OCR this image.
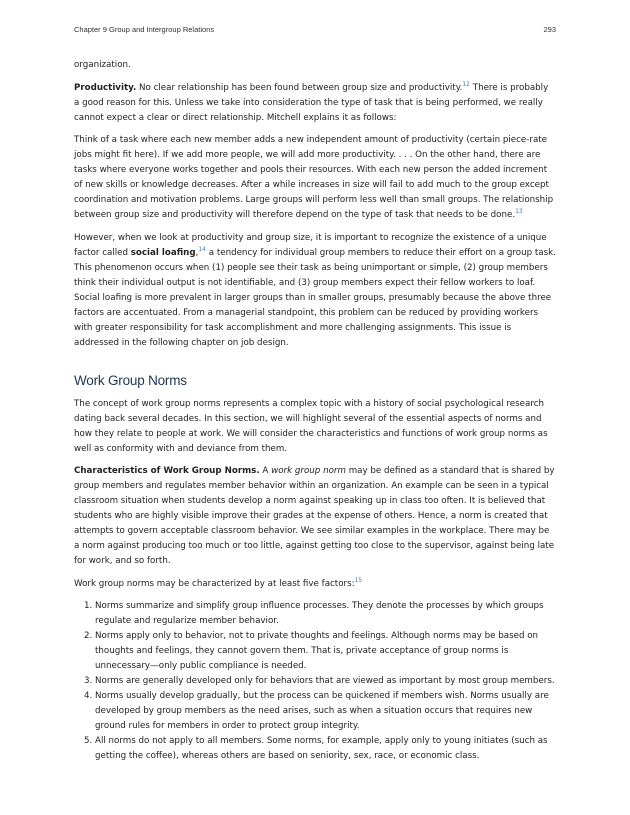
Chapter 9 Group and Intergroup Relations	293

organization.

Productivity. No clear relationship has been found between group size and productivity.$^{12}$ There is probably a good reason for this. Unless we take into consideration the type of task that is being performed, we really cannot expect a clear or direct relationship. Mitchell explains it as follows:

Think of a task where each new member adds a new independent amount of productivity (certain piece-rate jobs might fit here). If we add more people, we will add more productivity. . . . On the other hand, there are tasks where everyone works together and pools their resources. With each new person the added increment of new skills or knowledge decreases. After a while increases in size will fail to add much to the group except coordination and motivation problems. Large groups will perform less well than small groups. The relationship between group size and productivity will therefore depend on the type of task that needs to be done.$^{13}$

However, when we look at productivity and group size, it is important to recognize the existence of a unique factor called social loafing,$^{14}$ a tendency for individual group members to reduce their effort on a group task. This phenomenon occurs when (1) people see their task as being unimportant or simple, (2) group members think their individual output is not identifiable, and (3) group members expect their fellow workers to loaf. Social loafing is more prevalent in larger groups than in smaller groups, presumably because the above three factors are accentuated. From a managerial standpoint, this problem can be reduced by providing workers with greater responsibility for task accomplishment and more challenging assignments. This issue is addressed in the following chapter on job design.

Work Group Norms

The concept of work group norms represents a complex topic with a history of social psychological research dating back several decades. In this section, we will highlight several of the essential aspects of norms and how they relate to people at work. We will consider the characteristics and functions of work group norms as well as conformity with and deviance from them.

Characteristics of Work Group Norms. A work group norm may be defined as a standard that is shared by group members and regulates member behavior within an organization. An example can be seen in a typical classroom situation when students develop a norm against speaking up in class too often. It is believed that students who are highly visible improve their grades at the expense of others. Hence, a norm is created that attempts to govern acceptable classroom behavior. We see similar examples in the workplace. There may be a norm against producing too much or too little, against getting too close to the supervisor, against being late for work, and so forth.

Work group norms may be characterized by at least five factors:$^{15}$

1. Norms summarize and simplify group influence processes. They denote the processes by which groups regulate and regularize member behavior.
2. Norms apply only to behavior, not to private thoughts and feelings. Although norms may be based on thoughts and feelings, they cannot govern them. That is, private acceptance of group norms is unnecessary—only public compliance is needed.
3. Norms are generally developed only for behaviors that are viewed as important by most group members.
4. Norms usually develop gradually, but the process can be quickened if members wish. Norms usually are developed by group members as the need arises, such as when a situation occurs that requires new ground rules for members in order to protect group integrity.
5. All norms do not apply to all members. Some norms, for example, apply only to young initiates (such as getting the coffee), whereas others are based on seniority, sex, race, or economic class.
